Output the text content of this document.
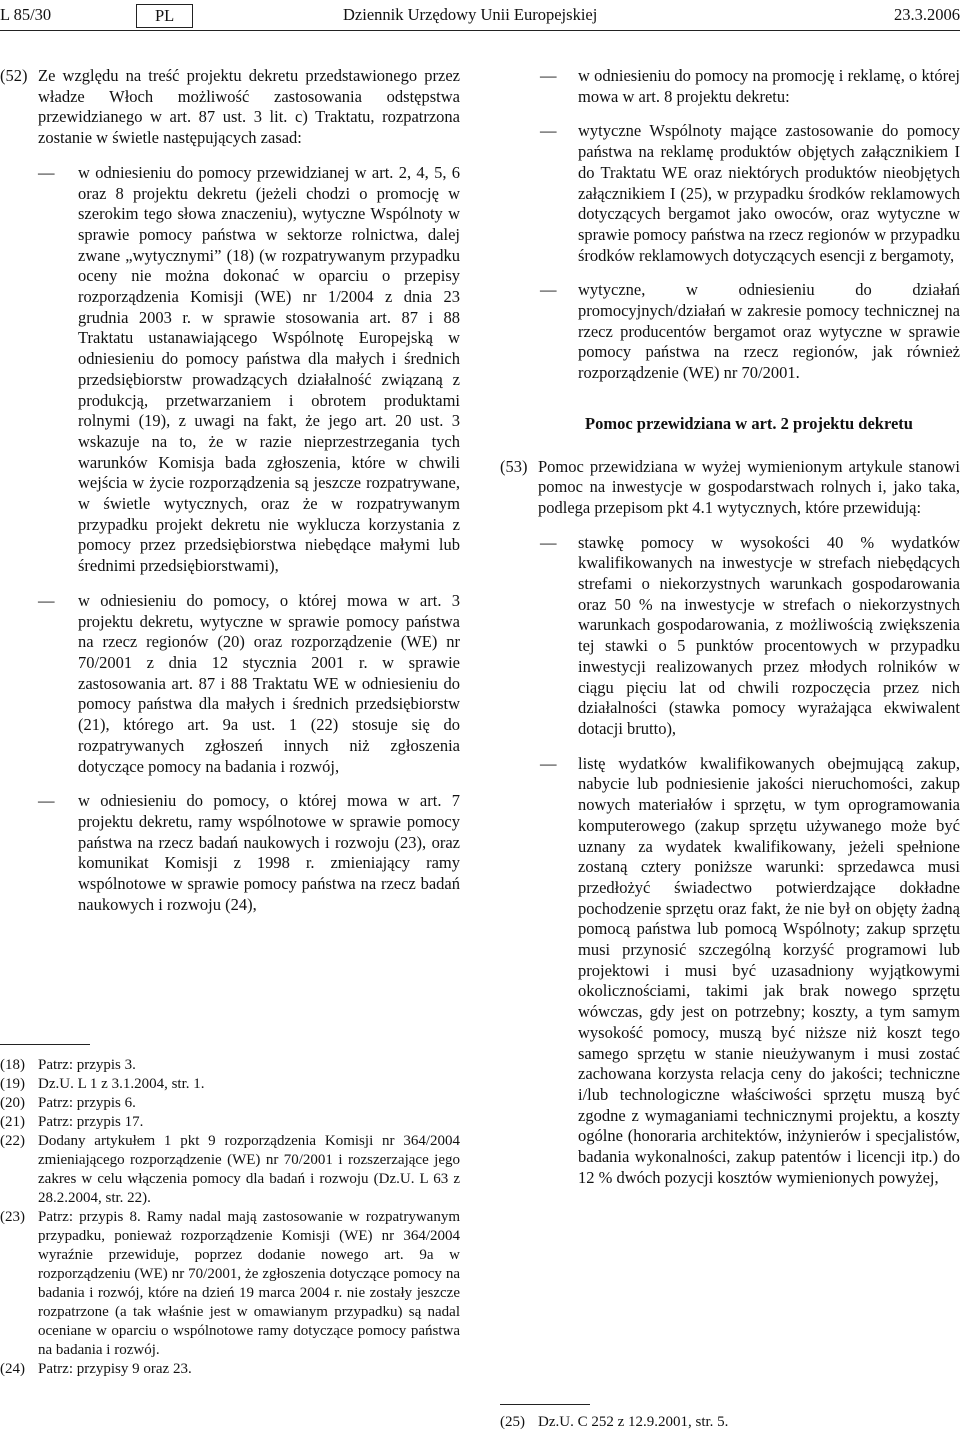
L 85/30	PL	Dziennik Urzędowy Unii Europejskiej	23.3.2006
(52) Ze względu na treść projektu dekretu przedstawionego przez władze Włoch możliwość zastosowania odstępstwa przewidzianego w art. 87 ust. 3 lit. c) Traktatu, rozpatrzona zostanie w świetle następujących zasad:
— w odniesieniu do pomocy przewidzianej w art. 2, 4, 5, 6 oraz 8 projektu dekretu (jeżeli chodzi o promocję w szerokim tego słowa znaczeniu), wytyczne Wspólnoty w sprawie pomocy państwa w sektorze rolnictwa, dalej zwane „wytycznymi” (18) (w rozpatrywanym przypadku oceny nie można dokonać w oparciu o przepisy rozporządzenia Komisji (WE) nr 1/2004 z dnia 23 grudnia 2003 r. w sprawie stosowania art. 87 i 88 Traktatu ustanawiającego Wspólnotę Europejską w odniesieniu do pomocy państwa dla małych i średnich przedsiębiorstw prowadzących działalność związaną z produkcją, przetwarzaniem i obrotem produktami rolnymi (19), z uwagi na fakt, że jego art. 20 ust. 3 wskazuje na to, że w razie nieprzestrzegania tych warunków Komisja bada zgłoszenia, które w chwili wejścia w życie rozporządzenia są jeszcze rozpatrywane, w świetle wytycznych, oraz że w rozpatrywanym przypadku projekt dekretu nie wyklucza korzystania z pomocy przez przedsiębiorstwa niebędące małymi lub średnimi przedsiębiorstwami),
— w odniesieniu do pomocy, o której mowa w art. 3 projektu dekretu, wytyczne w sprawie pomocy państwa na rzecz regionów (20) oraz rozporządzenie (WE) nr 70/2001 z dnia 12 stycznia 2001 r. w sprawie zastosowania art. 87 i 88 Traktatu WE w odniesieniu do pomocy państwa dla małych i średnich przedsiębiorstw (21), którego art. 9a ust. 1 (22) stosuje się do rozpatrywanych zgłoszeń innych niż zgłoszenia dotyczące pomocy na badania i rozwój,
— w odniesieniu do pomocy, o której mowa w art. 7 projektu dekretu, ramy wspólnotowe w sprawie pomocy państwa na rzecz badań naukowych i rozwoju (23), oraz komunikat Komisji z 1998 r. zmieniający ramy wspólnotowe w sprawie pomocy państwa na rzecz badań naukowych i rozwoju (24),
(18) Patrz: przypis 3.
(19) Dz.U. L 1 z 3.1.2004, str. 1.
(20) Patrz: przypis 6.
(21) Patrz: przypis 17.
(22) Dodany artykułem 1 pkt 9 rozporządzenia Komisji nr 364/2004 zmieniającego rozporządzenie (WE) nr 70/2001 i rozszerzające jego zakres w celu włączenia pomocy dla badań i rozwoju (Dz.U. L 63 z 28.2.2004, str. 22).
(23) Patrz: przypis 8. Ramy nadal mają zastosowanie w rozpatrywanym przypadku, ponieważ rozporządzenie Komisji (WE) nr 364/2004 wyraźnie przewiduje, poprzez dodanie nowego art. 9a w rozporządzeniu (WE) nr 70/2001, że zgłoszenia dotyczące pomocy na badania i rozwój, które na dzień 19 marca 2004 r. nie zostały jeszcze rozpatrzone (a tak właśnie jest w omawianym przypadku) są nadal oceniane w oparciu o wspólnotowe ramy dotyczące pomocy państwa na badania i rozwój.
(24) Patrz: przypisy 9 oraz 23.
— w odniesieniu do pomocy na promocję i reklamę, o której mowa w art. 8 projektu dekretu:
— wytyczne Wspólnoty mające zastosowanie do pomocy państwa na reklamę produktów objętych załącznikiem I do Traktatu WE oraz niektórych produktów nieobjętych załącznikiem I (25), w przypadku środków reklamowych dotyczących bergamot jako owoców, oraz wytyczne w sprawie pomocy państwa na rzecz regionów w przypadku środków reklamowych dotyczących esencji z bergamoty,
— wytyczne, w odniesieniu do działań promocyjnych/działań w zakresie pomocy technicznej na rzecz producentów bergamot oraz wytyczne w sprawie pomocy państwa na rzecz regionów, jak również rozporządzenie (WE) nr 70/2001.
Pomoc przewidziana w art. 2 projektu dekretu
(53) Pomoc przewidziana w wyżej wymienionym artykule stanowi pomoc na inwestycje w gospodarstwach rolnych i, jako taka, podlega przepisom pkt 4.1 wytycznych, które przewidują:
— stawkę pomocy w wysokości 40 % wydatków kwalifikowanych na inwestycje w strefach niebędących strefami o niekorzystnych warunkach gospodarowania oraz 50 % na inwestycje w strefach o niekorzystnych warunkach gospodarowania, z możliwością zwiększenia tej stawki o 5 punktów procentowych w przypadku inwestycji realizowanych przez młodych rolników w ciągu pięciu lat od chwili rozpoczęcia przez nich działalności (stawka pomocy wyrażająca ekwiwalent dotacji brutto),
— listę wydatków kwalifikowanych obejmującą zakup, nabycie lub podniesienie jakości nieruchomości, zakup nowych materiałów i sprzętu, w tym oprogramowania komputerowego (zakup sprzętu używanego może być uznany za wydatek kwalifikowany, jeżeli spełnione zostaną cztery poniższe warunki: sprzedawca musi przedłożyć świadectwo potwierdzające dokładne pochodzenie sprzętu oraz fakt, że nie był on objęty żadną pomocą państwa lub pomocą Wspólnoty; zakup sprzętu musi przynosić szczególną korzyść programowi lub projektowi i musi być uzasadniony wyjątkowymi okolicznościami, takimi jak brak nowego sprzętu wówczas, gdy jest on potrzebny; koszty, a tym samym wysokość pomocy, muszą być niższe niż koszt tego samego sprzętu w stanie nieużywanym i musi zostać zachowana korzysta relacja ceny do jakości; techniczne i/lub technologiczne właściwości sprzętu muszą być zgodne z wymaganiami technicznymi projektu, a koszty ogólne (honoraria architektów, inżynierów i specjalistów, badania wykonalności, zakup patentów i licencji itp.) do 12 % dwóch pozycji kosztów wymienionych powyżej,
(25) Dz.U. C 252 z 12.9.2001, str. 5.
